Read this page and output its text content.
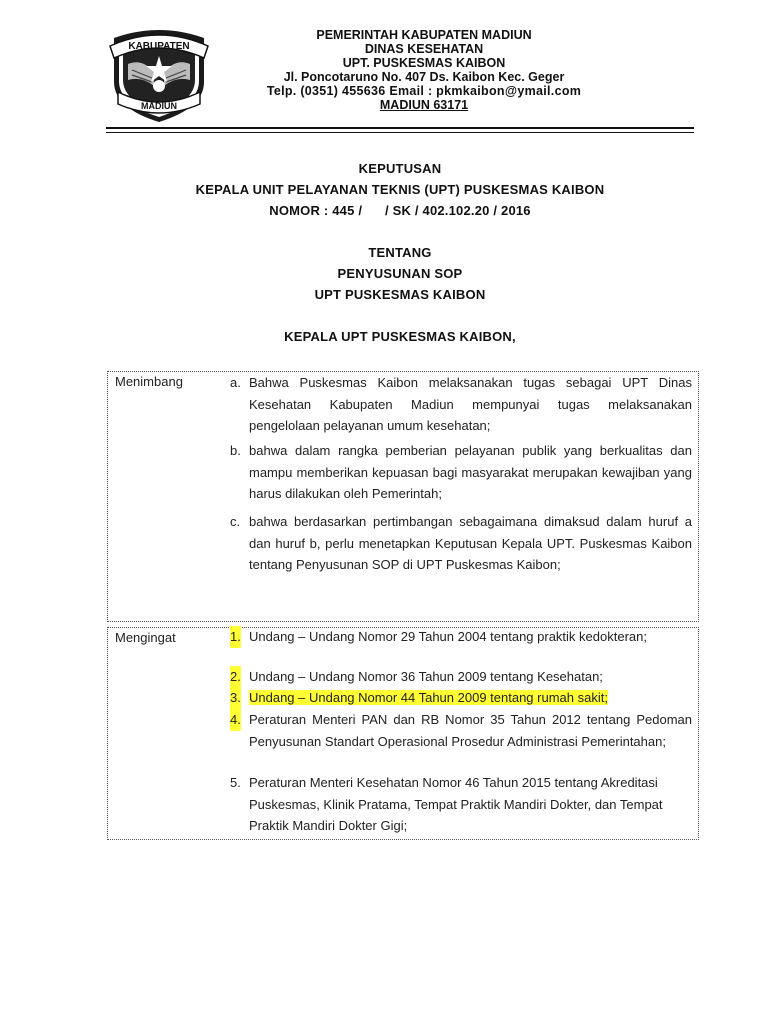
KABUPATEN
MADIUN
PEMERINTAH KABUPATEN MADIUN
DINAS KESEHATAN
UPT. PUSKESMAS KAIBON
Jl. Poncotaruno No. 407 Ds. Kaibon Kec. Geger
Telp. (0351) 455636 Email : pkmkaibon@ymail.com
MADIUN 63171
KEPUTUSAN
KEPALA UNIT PELAYANAN TEKNIS (UPT) PUSKESMAS KAIBON
NOMOR : 445 /      / SK / 402.102.20 / 2016
TENTANG
PENYUSUNAN SOP
UPT PUSKESMAS KAIBON
KEPALA UPT PUSKESMAS KAIBON,
Menimbang	a. Bahwa Puskesmas Kaibon melaksanakan tugas sebagai UPT Dinas Kesehatan Kabupaten Madiun mempunyai tugas melaksanakan pengelolaan pelayanan umum kesehatan;
b. bahwa dalam rangka pemberian pelayanan publik yang berkualitas dan mampu memberikan kepuasan bagi masyarakat merupakan kewajiban yang harus dilakukan oleh Pemerintah;
c. bahwa berdasarkan pertimbangan sebagaimana dimaksud dalam huruf a dan huruf b, perlu menetapkan Keputusan Kepala UPT. Puskesmas Kaibon tentang Penyusunan SOP di UPT Puskesmas Kaibon;
Mengingat	1. Undang – Undang Nomor 29 Tahun 2004 tentang praktik kedokteran;
2. Undang – Undang Nomor 36 Tahun 2009 tentang Kesehatan;
3. Undang – Undang Nomor 44 Tahun 2009 tentang rumah sakit;
4. Peraturan Menteri PAN dan RB Nomor 35 Tahun 2012 tentang Pedoman Penyusunan Standart Operasional Prosedur Administrasi Pemerintahan;
5. Peraturan Menteri Kesehatan Nomor 46 Tahun 2015 tentang Akreditasi Puskesmas, Klinik Pratama, Tempat Praktik Mandiri Dokter, dan Tempat Praktik Mandiri Dokter Gigi;
